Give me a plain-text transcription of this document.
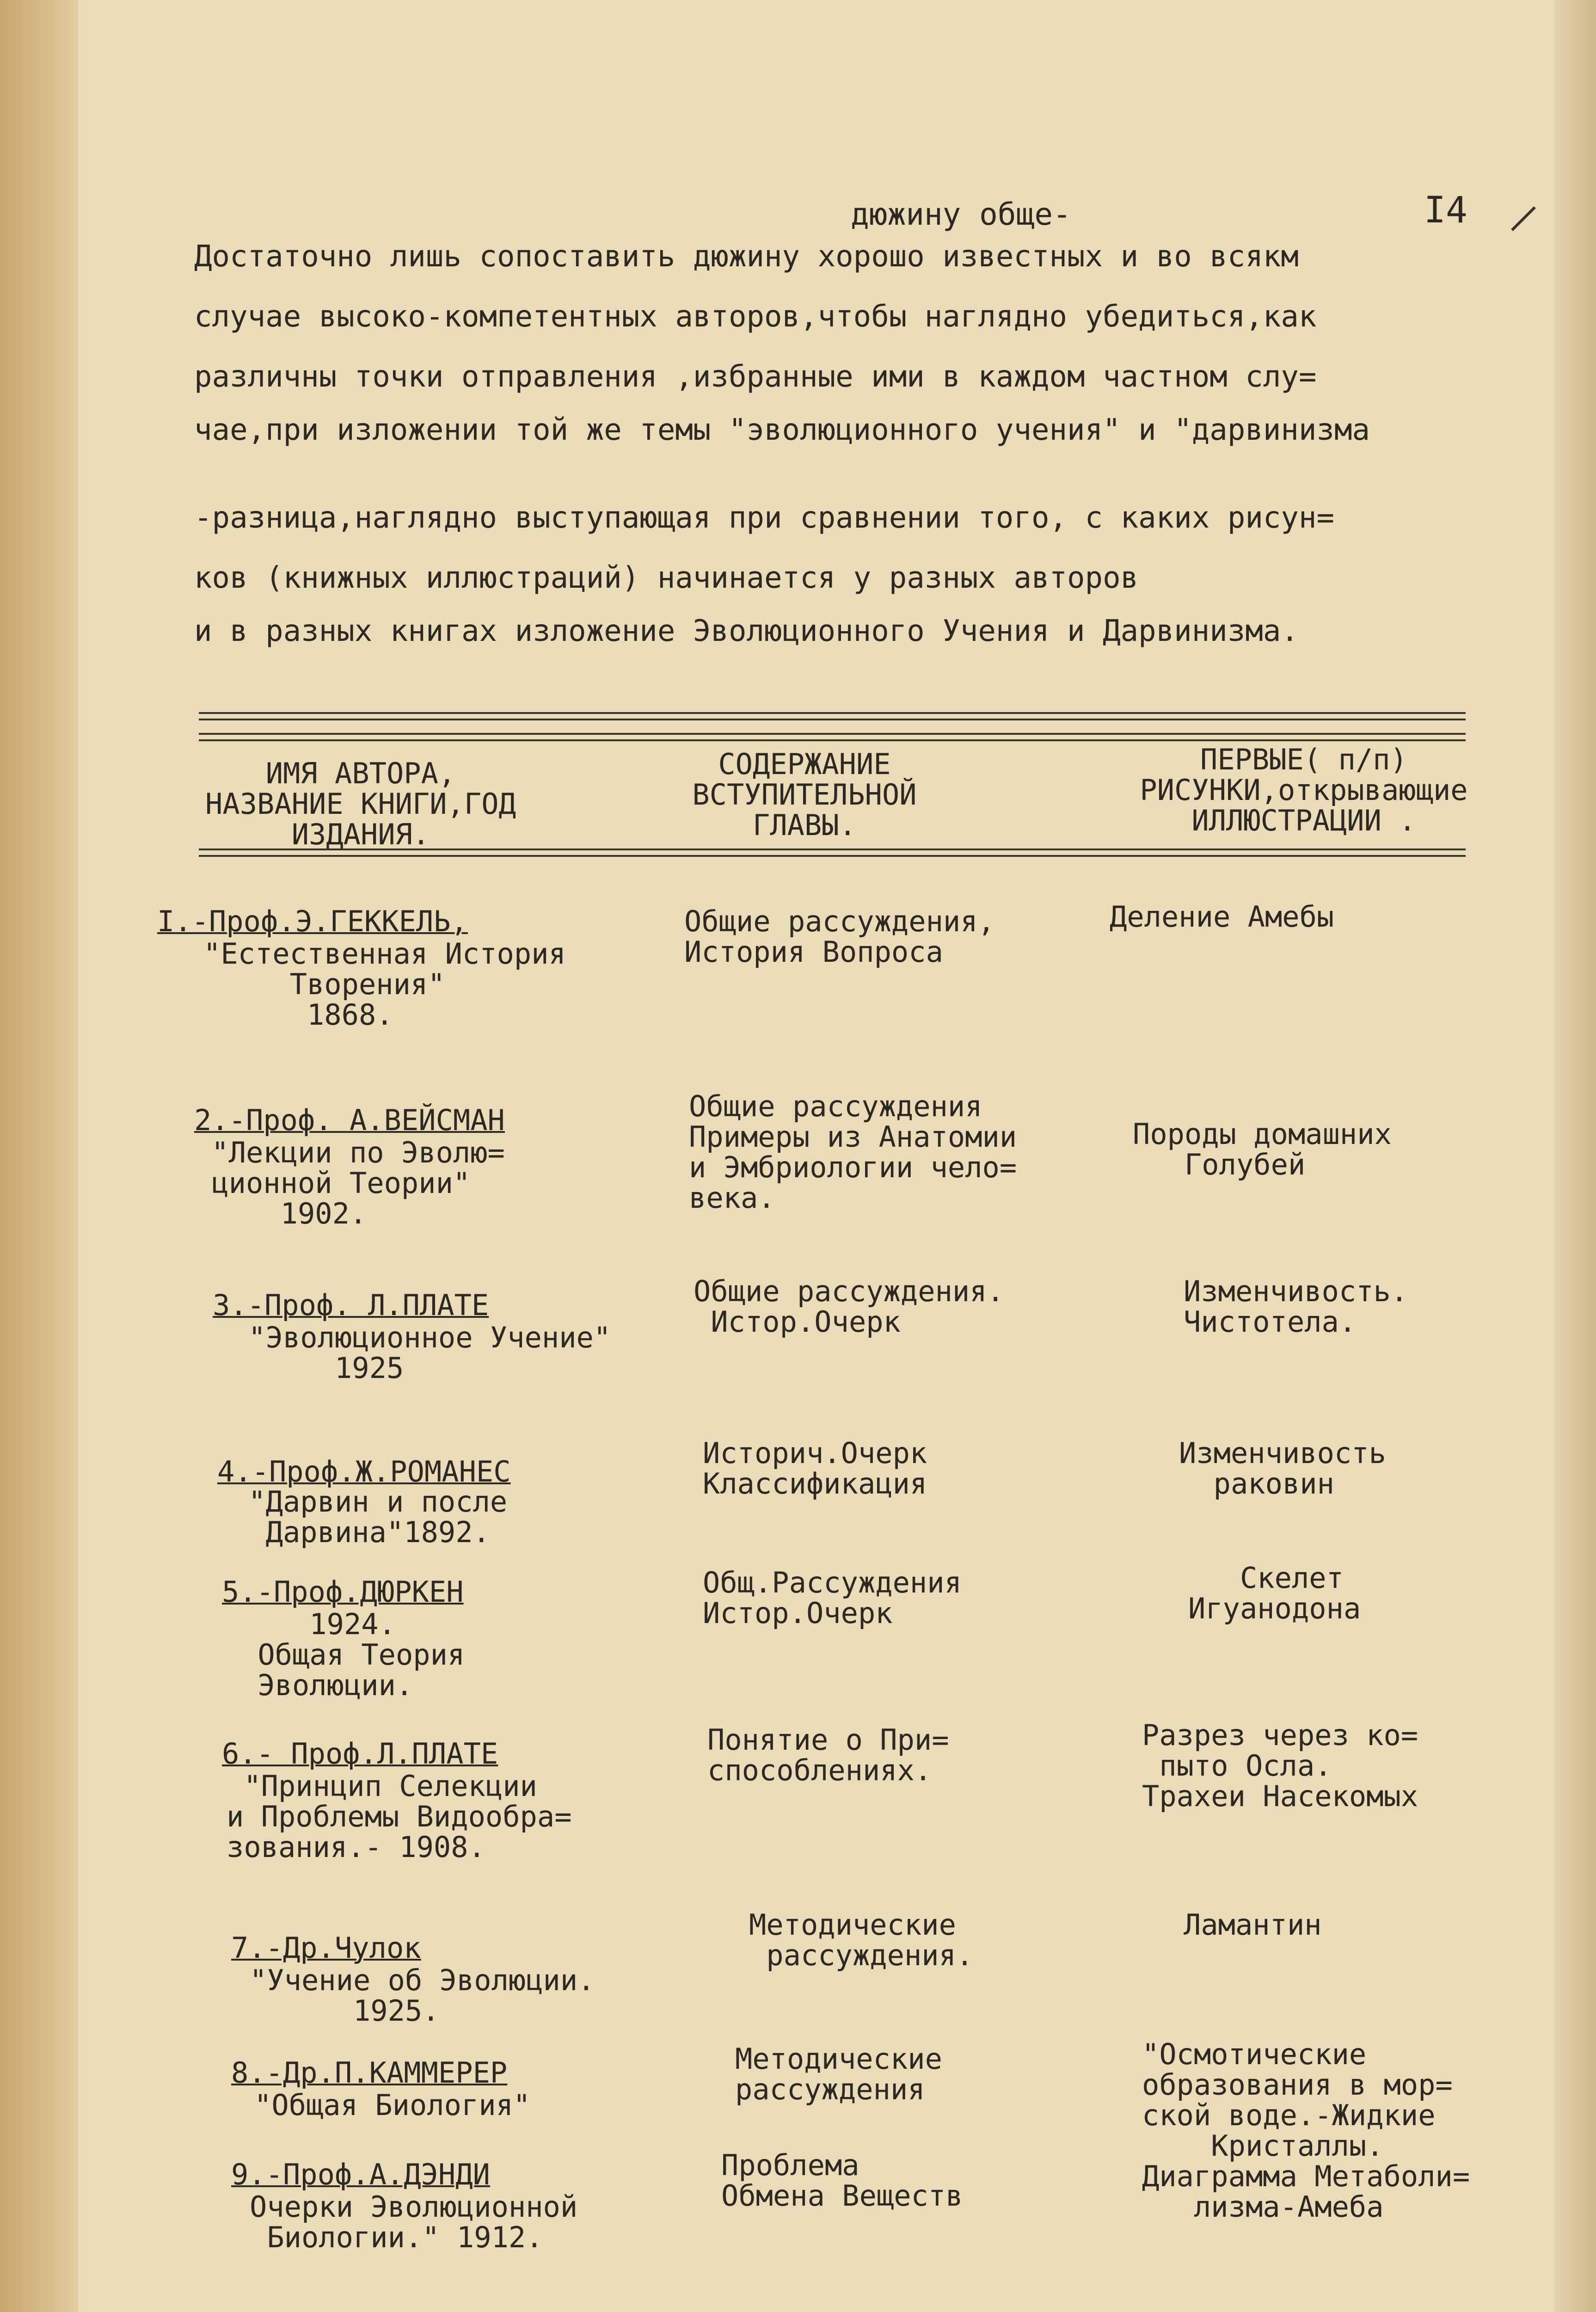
I4
дюжину обще-
Достаточно лишь сопоставить дюжину хорошо известных и во всякм
случае высоко-компетентных авторов,чтобы наглядно убедиться,как
различны точки отправления ,избранные ими в каждом частном слу=
чае,при изложении той же темы "эволюционного учения" и "дарвинизма
-разница,наглядно выступающая при сравнении того, с каких рисун=
ков (книжных иллюстраций) начинается у разных авторов
и в разных книгах изложение Эволюционного Учения и Дарвинизма.
ИМЯ АВТОРА,
НАЗВАНИЕ КНИГИ,ГОД
ИЗДАНИЯ.
СОДЕРЖАНИЕ
ВСТУПИТЕЛЬНОЙ
ГЛАВЫ.
ПЕРВЫЕ( п/п)
РИСУНКИ,открывающие
ИЛЛЮСТРАЦИИ .
I.-Проф.Э.ГЕККЕЛЬ,
"Естественная История
Творения"
1868.
Общие рассуждения,
История Вопроса
Деление Амебы
2.-Проф. А.ВЕЙСМАН
"Лекции по Эволю=
ционной Теории"
1902.
Общие рассуждения
Примеры из Анатомии
и Эмбриологии чело=
века.
Породы домашних
Голубей
3.-Проф. Л.ПЛАТЕ
"Эволюционное Учение"
1925
Общие рассуждения.
Истор.Очерк
Изменчивость.
Чистотела.
4.-Проф.Ж.РОМАНЕС
"Дарвин и после
Дарвина"1892.
Историч.Очерк
Классификация
Изменчивость
раковин
5.-Проф.ДЮРКЕН
1924.
Общая Теория
Эволюции.
Общ.Рассуждения
Истор.Очерк
Скелет
Игуанодона
6.- Проф.Л.ПЛАТЕ
"Принцип Селекции
и Проблемы Видообра=
зования.- 1908.
Понятие о При=
способлениях.
Разрез через ко=
пыто Осла.
Трахеи Насекомых
7.-Др.Чулок
"Учение об Эволюции.
1925.
Методические
рассуждения.
Ламантин
8.-Др.П.КАММЕРЕР
"Общая Биология"
Методические
рассуждения
"Осмотические
образования в мор=
ской воде.-Жидкие
Кристаллы.
Диаграмма Метаболи=
лизма-Амеба
9.-Проф.А.ДЭНДИ
Очерки Эволюционной
Биологии." 1912.
Проблема
Обмена Веществ
